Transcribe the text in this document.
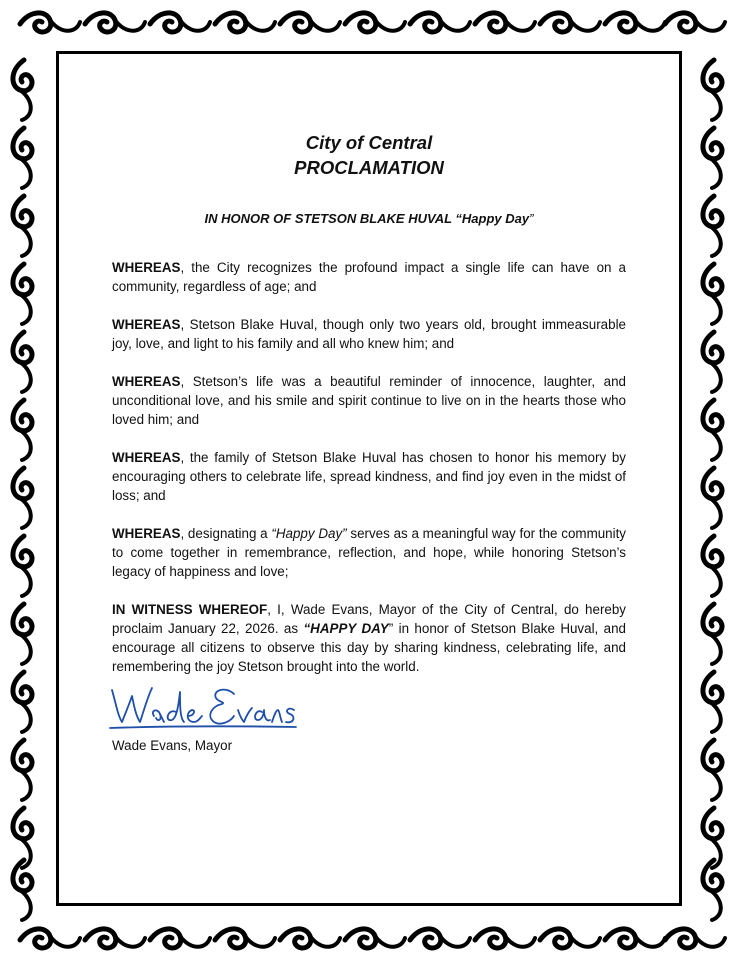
City of Central
PROCLAMATION
IN HONOR OF STETSON BLAKE HUVAL “Happy Day”

WHEREAS, the City recognizes the profound impact a single life can have on a community, regardless of age; and

WHEREAS, Stetson Blake Huval, though only two years old, brought immeasurable joy, love, and light to his family and all who knew him; and

WHEREAS, Stetson’s life was a beautiful reminder of innocence, laughter, and unconditional love, and his smile and spirit continue to live on in the hearts those who loved him; and

WHEREAS, the family of Stetson Blake Huval has chosen to honor his memory by encouraging others to celebrate life, spread kindness, and find joy even in the midst of loss; and

WHEREAS, designating a “Happy Day” serves as a meaningful way for the community to come together in remembrance, reflection, and hope, while honoring Stetson’s legacy of happiness and love;

IN WITNESS WHEREOF, I, Wade Evans, Mayor of the City of Central, do hereby proclaim January 22, 2026. as “HAPPY DAY” in honor of Stetson Blake Huval, and encourage all citizens to observe this day by sharing kindness, celebrating life, and remembering the joy Stetson brought into the world.

Wade Evans, Mayor
